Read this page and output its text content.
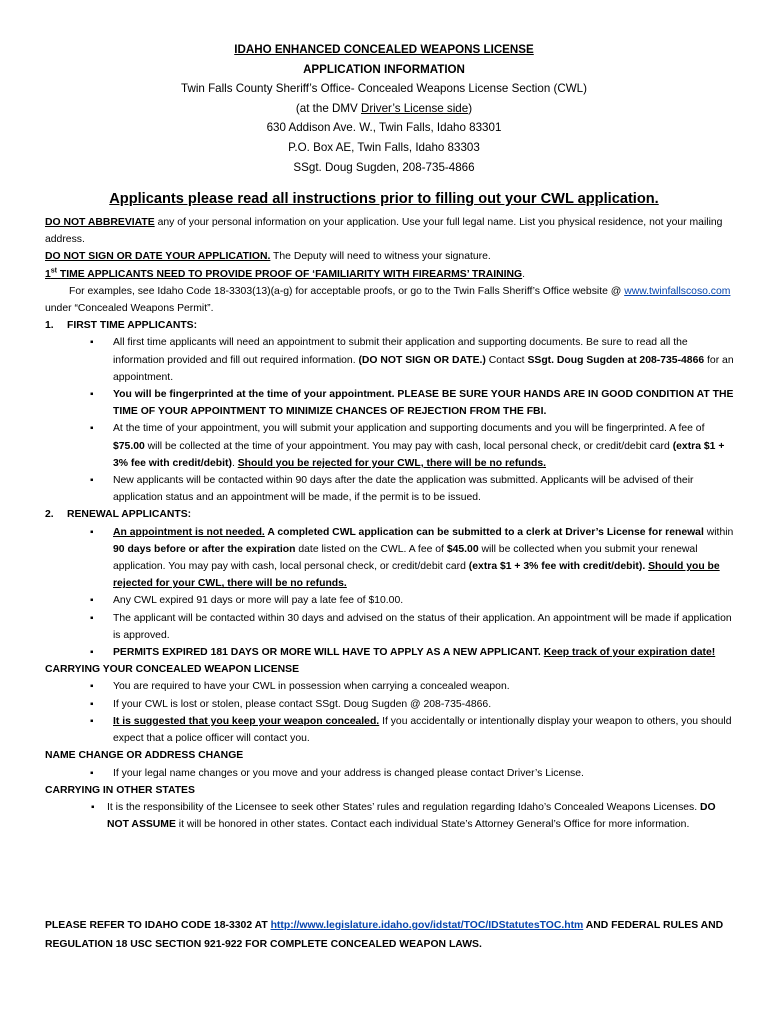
IDAHO ENHANCED CONCEALED WEAPONS LICENSE
APPLICATION INFORMATION
Twin Falls County Sheriff’s Office- Concealed Weapons License Section (CWL)
(at the DMV Driver’s License side)
630 Addison Ave. W., Twin Falls, Idaho 83301
P.O. Box AE, Twin Falls, Idaho 83303
SSgt. Doug Sugden, 208-735-4866
Applicants please read all instructions prior to filling out your CWL application.

DO NOT ABBREVIATE any of your personal information on your application. Use your full legal name. List you physical residence, not your mailing address.

DO NOT SIGN OR DATE YOUR APPLICATION. The Deputy will need to witness your signature.

1st TIME APPLICANTS NEED TO PROVIDE PROOF OF ‘FAMILIARITY WITH FIREARMS’ TRAINING.

For examples, see Idaho Code 18-3303(13)(a-g) for acceptable proofs, or go to the Twin Falls Sheriff’s Office website @ www.twinfallscoso.com under “Concealed Weapons Permit”.

1. FIRST TIME APPLICANTS:

▪ All first time applicants will need an appointment to submit their application and supporting documents. Be sure to read all the information provided and fill out required information. (DO NOT SIGN OR DATE.) Contact SSgt. Doug Sugden at 208-735-4866 for an appointment.
▪ You will be fingerprinted at the time of your appointment. PLEASE BE SURE YOUR HANDS ARE IN GOOD CONDITION AT THE TIME OF YOUR APPOINTMENT TO MINIMIZE CHANCES OF REJECTION FROM THE FBI.
▪ At the time of your appointment, you will submit your application and supporting documents and you will be fingerprinted. A fee of $75.00 will be collected at the time of your appointment. You may pay with cash, local personal check, or credit/debit card (extra $1 + 3% fee with credit/debit). Should you be rejected for your CWL, there will be no refunds.
▪ New applicants will be contacted within 90 days after the date the application was submitted. Applicants will be advised of their application status and an appointment will be made, if the permit is to be issued.

2. RENEWAL APPLICANTS:

▪ An appointment is not needed. A completed CWL application can be submitted to a clerk at Driver’s License for renewal within 90 days before or after the expiration date listed on the CWL. A fee of $45.00 will be collected when you submit your renewal application. You may pay with cash, local personal check, or credit/debit card (extra $1 + 3% fee with credit/debit). Should you be rejected for your CWL, there will be no refunds.
▪ Any CWL expired 91 days or more will pay a late fee of $10.00.
▪ The applicant will be contacted within 30 days and advised on the status of their application. An appointment will be made if application is approved.
▪ PERMITS EXPIRED 181 DAYS OR MORE WILL HAVE TO APPLY AS A NEW APPLICANT. Keep track of your expiration date!

CARRYING YOUR CONCEALED WEAPON LICENSE

▪ You are required to have your CWL in possession when carrying a concealed weapon.
▪ If your CWL is lost or stolen, please contact SSgt. Doug Sugden @ 208-735-4866.
▪ It is suggested that you keep your weapon concealed. If you accidentally or intentionally display your weapon to others, you should expect that a police officer will contact you.

NAME CHANGE OR ADDRESS CHANGE

▪ If your legal name changes or you move and your address is changed please contact Driver’s License.

CARRYING IN OTHER STATES

▪ It is the responsibility of the Licensee to seek other States’ rules and regulation regarding Idaho’s Concealed Weapons Licenses. DO NOT ASSUME it will be honored in other states. Contact each individual State’s Attorney General’s Office for more information.
PLEASE REFER TO IDAHO CODE 18-3302 AT http://www.legislature.idaho.gov/idstat/TOC/IDStatutesTOC.htm AND FEDERAL RULES AND REGULATION 18 USC SECTION 921-922 FOR COMPLETE CONCEALED WEAPON LAWS.
